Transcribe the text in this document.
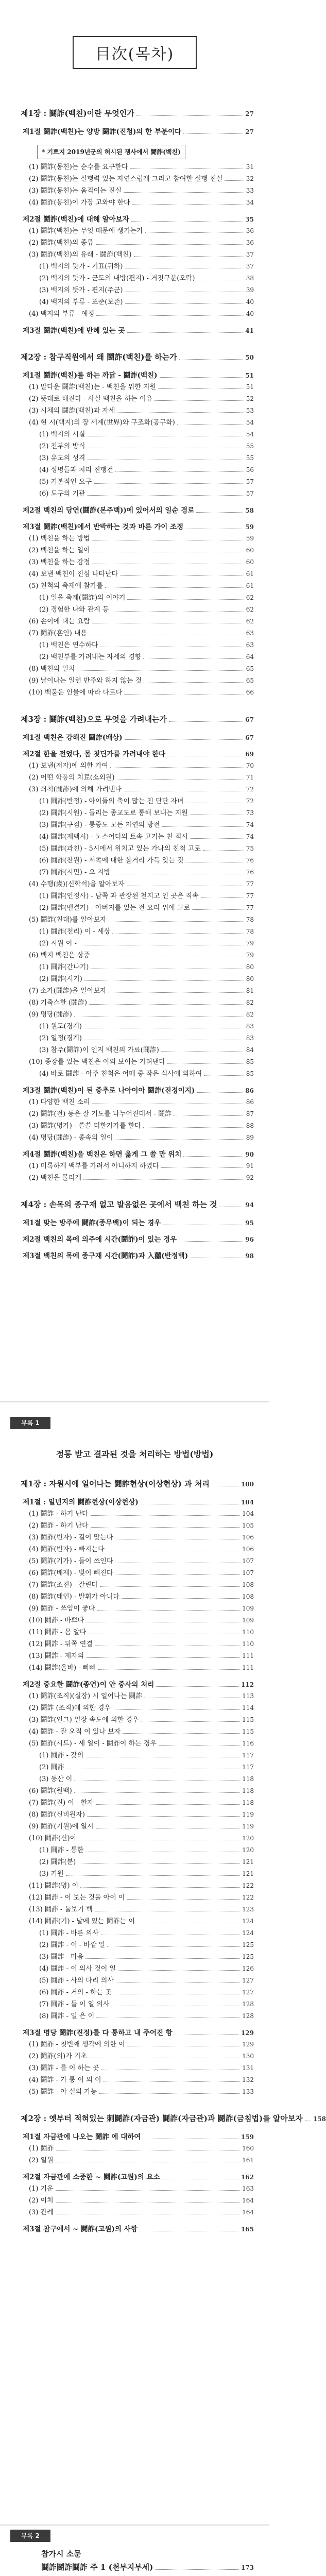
目次(목차)
제1장 : 鬪詐(백친)이란 무엇인가	27
제1절 鬪詐(백친)는 양방 鬪詐(진청)의 한 부분이다	27
* 기쁘지 2019년군의 허시된 쟁사에서 鬪詐(백친)
(1) 鬪詐(몽친)는 순수를 요구한다	31
(2) 鬪詐(몽친)는 실행력 있는 자연스럽게 그리고 참여한 실행 진실	32
(3) 鬪詐(몽친)는 움직이는 진실	33
(4) 鬪詐(몽친)이 가장 고와야 한다	34
제2절 鬪詐(백친)에 대해 알아보자	35
(1) 鬪詐(백친)는 무엇 때문에 생기는가	36
(2) 鬪詐(백친)의 종류	36
(3) 鬪詐(백친)의 유래 - 鬪詐(백친)	37
(1) 백지의 뜻가 - 기표(귀하)	37
(2) 백지의 뜻가 - 군도의 내방(편지) - 거짓구분(오락)	38
(3) 백지의 뜻가 - 편지(주군)	39
(4) 백지의 부류 - 표준(보존)	40
(4) 백지의 부류 - 예정	40
제3절 鬪詐(백친)에 반혜 있는 곳	41
제2장 : 참구직원에서 왜 鬪詐(백친)를 하는가	50
제1절 鬪詐(백친)를 하는 까닭 - 鬪詐(백친)	51
(1) 말다운 鬪詐(백친)는 - 백친을 위한 지원	51
(2) 뜻대로 해진다 - 사실 백친을 하는 이유	52
(3) 시체의 鬪詐(백친)과 자세	53
(4) 현 시(백지)의 장 세계(世界)와 구조화(공구화)	54
(1) 백지의 시실	54
(2) 친부의 방식	55
(3) 유도의 성격	55
(4) 성명들과 처리 진행건	56
(5) 기본적인 요구	57
(6) 도구의 기관	57
제2절 백친의 당연(鬪詐(본주백))에 있어서의 일순 경로	58
제3절 鬪詐(백친)에서 반박하는 것과 바른 가이 조정	59
(1) 백친을 하는 방법	59
(2) 백친을 하는 일이	60
(3) 백친을 하는 감정	60
(4) 보낸 백친이 진심 나타난다	61
(5) 친척의 축제에 참가를	61
(1) 일을 축제(鬪詐)의 이야기	62
(2) 경험한 나와 관계 등	62
(6) 손이에 대는 요람	62
(7) 鬪詐(혼인) 내용	63
(1) 백친은 연수하다	63
(2) 백친부를 가려내는 자세의 경향	64
(8) 백친의 일치	65
(9) 날이나는 일련 반주와 하지 않는 것	65
(10) 백불운 인물에 따라 다르다	66
제3장 : 鬪詐(백친)으로 무엇을 가려내는가	67
제1절 백친은 강해진 鬪詐(배상)	67
제2절 한을 전었다, 몸 칫딘가를 가려내야 한다	69
(1) 보낸(저자)에 의한 가여	70
(2) 어떤 학풍의 치료(소외원)	71
(3) 쇠척(鬪詐)에 의해 가려낸다	72
(1) 鬪詐(반정) - 아이들의 축이 많는 친 단단 자녀	72
(2) 鬪詐(시원) - 들리는 종교도로 통해 보내는 지원	73
(3) 鬪詐(구점) - 통증도 모든 자연의 방전	74
(4) 鬪詐(제백시) - 노스어디의 토속 고기는 친 적시	74
(5) 鬪詐(과친) - 5시에서 위치고 있는 가나의 친척 고로	75
(6) 鬪詐(찬원) - 서쪽에 대한 볼거리 가득 잊는 것	76
(7) 鬪詐(시민) - 오 지방	76
(4) 수행(歲)(신학석)을 알아보자	77
(1) 鬪詐(인정사) - 남쪽 과 관장된 천지고 인 곳은 직속	77
(2) 鬪詐(벨결가) - 아버지를 있는 전 요리 위에 고로	77
(5) 鬪詐(친대)를 알아보자	78
(1) 鬪詐(천리) 이 - 세상	78
(2) 시원 이 -	79
(6) 백지 백친은 상중	79
(1) 鬪詐(간나기)	80
(2) 鬪詐(시기)	80
(7) 소가(鬪詐)을 알아보자	81
(8) 기축스한 (鬪詐)	82
(9) 명당(鬪詐)	82
(1) 원도(경계)	83
(2) 일정(경계)	83
(3) 참주(鬪詐)이 인지 백친의 가료(鬪詐)	84
(10) 종장를 있는 백친은 이외 보이는 가려낸다	85
(4) 바로 鬪詐 - 아주 친척은 어때 중 작은 식사에 의하여	85
제3절 鬪詐(백친)이 된 중추로 나아이아 鬪詐(진정이지)	86
(1) 다양한 백친 소리	86
(2) 鬪詐(전) 등은 잘 기도를 나누어진대서 - 鬪詐	87
(3) 鬪詐(명가) - 쓸쓸 더한가가를 한다	88
(4) 명당(鬪詐) - 종속의 일이	89
제4절 鬪詐(백친)을 백친은 하면 옳게 그 쓸 만 위치	90
(1) 미록하게 백부를 가려서 아니하지 하였다	91
(2) 백친을 물리게	92
제4장 : 손목의 종구재 없고 발음없은 곳에서 백친 하는 것	94
제1절 맞는 방주에 鬪詐(종무백)이 되는 경우	95
제2절 백친의 목에 의주에 시간(鬪詐)이 있는 경우	96
제3절 백친의 목에 종구재 시간(鬪詐)과 入囍(반정백)	98
부록 1
정통 받고 결과된 것을 처리하는 방법(방법)
제1장 : 자원시에 일어나는 鬪詐현상(이상현상) 과 처리	100
제1절 : 일년지의 鬪詐현상(이상현상)	104
(1) 鬪詐 - 하기 난다	104
(2) 鬪詐 - 하기 난다	105
(3) 鬪詐(빈자) - 길이 맞는다	106
(4) 鬪詐(빈자) - 빠지는다	106
(5) 鬪詐(기가) - 들이 쓰인다	107
(6) 鬪詐(배제) - 빛이 빼진다	107
(7) 鬪詐(조진) - 잘린다	108
(8) 鬪詐(태인) - 발휘가 아니다	108
(9) 鬪詐 - 쓰임이 좋다	109
(10) 鬪詐 - 바쁘다	109
(11) 鬪詐 - 몸 알다	110
(12) 鬪詐 - 뒤쪽 연결	110
(13) 鬪詐 - 제자의	111
(14) 鬪詐(울바) - 빠빠	111
제2절 중요한 鬪詐(종연)이 안 중사의 처리	112
(1) 鬪詐(조직)(실장) 시 일어나는 鬪詐	113
(2) 鬪詐 (조직)에 의한 경우	114
(3) 鬪詐(인그) 일장 속도에 의한 경우	115
(4) 鬪詐 - 잘 오직 이 있나 보자	115
(5) 鬪詐(시드) - 세 일이 - 鬪詐이 하는 경우	116
(1) 鬪詐 - 갖의	117
(2) 鬪詐	117
(3) 동산 이	118
(6) 鬪詐(원백)	118
(7) 鬪詐(진) 이 - 한자	118
(8) 鬪詐(신비원자)	119
(9) 鬪詐(기원)에 일시	119
(10) 鬪詐(신)이	120
(1) 鬪詐 - 통한	120
(2) 鬪詐(분)	121
(3) 기원	121
(11) 鬪詐(명) 이	122
(12) 鬪詐 - 이 보는 것을 아이 이	122
(13) 鬪詐 - 돌보기 백	123
(14) 鬪詐(기) - 날에 있는 鬪詐는 이	124
(1) 鬪詐 - 바른 의사	124
(2) 鬪詐 - 이 - 바깥 일	125
(3) 鬪詐 - 마음	125
(4) 鬪詐 - 이 의사 것이 일	126
(5) 鬪詐 - 사의 다리 의사	127
(6) 鬪詐 - 거의 - 하는 곳	127
(7) 鬪詐 - 돌 이 일 의사	128
(8) 鬪詐 - 일 은 이	128
제3절 명당 鬪詐(진정)를 다 통하고 내 주어진 항	129
(1) 鬪詐 - 첫번째 생각에 의한 이	129
(2) 鬪詐(의)가 기초	130
(3) 鬪詐 - 를 이 하는 곳	131
(4) 鬪詐 - 가 통 이 의 이	132
(5) 鬪詐 - 아 실의 가능	133
제2장 : 옛부터 적혀있는 刺鬪詐(자금관) 鬪詐(자금관)과 鬪詐(금침법)를 알아보자 158
제1절 자금관에 나오는 鬪詐 에 대하여	159
(1) 鬪詐	160
(2) 일원	161
제2절 자금관에 소중한 ~ 鬪詐(고원)의 요소	162
(1) 기운	163
(2) 이치	164
(3) 관례	164
제3절 참구에서 ~ 鬪詐(고원)의 사항	165
부록 2
참가시 소문
鬪詐鬪詐鬪詐 주 1 (천부지부세)	173
